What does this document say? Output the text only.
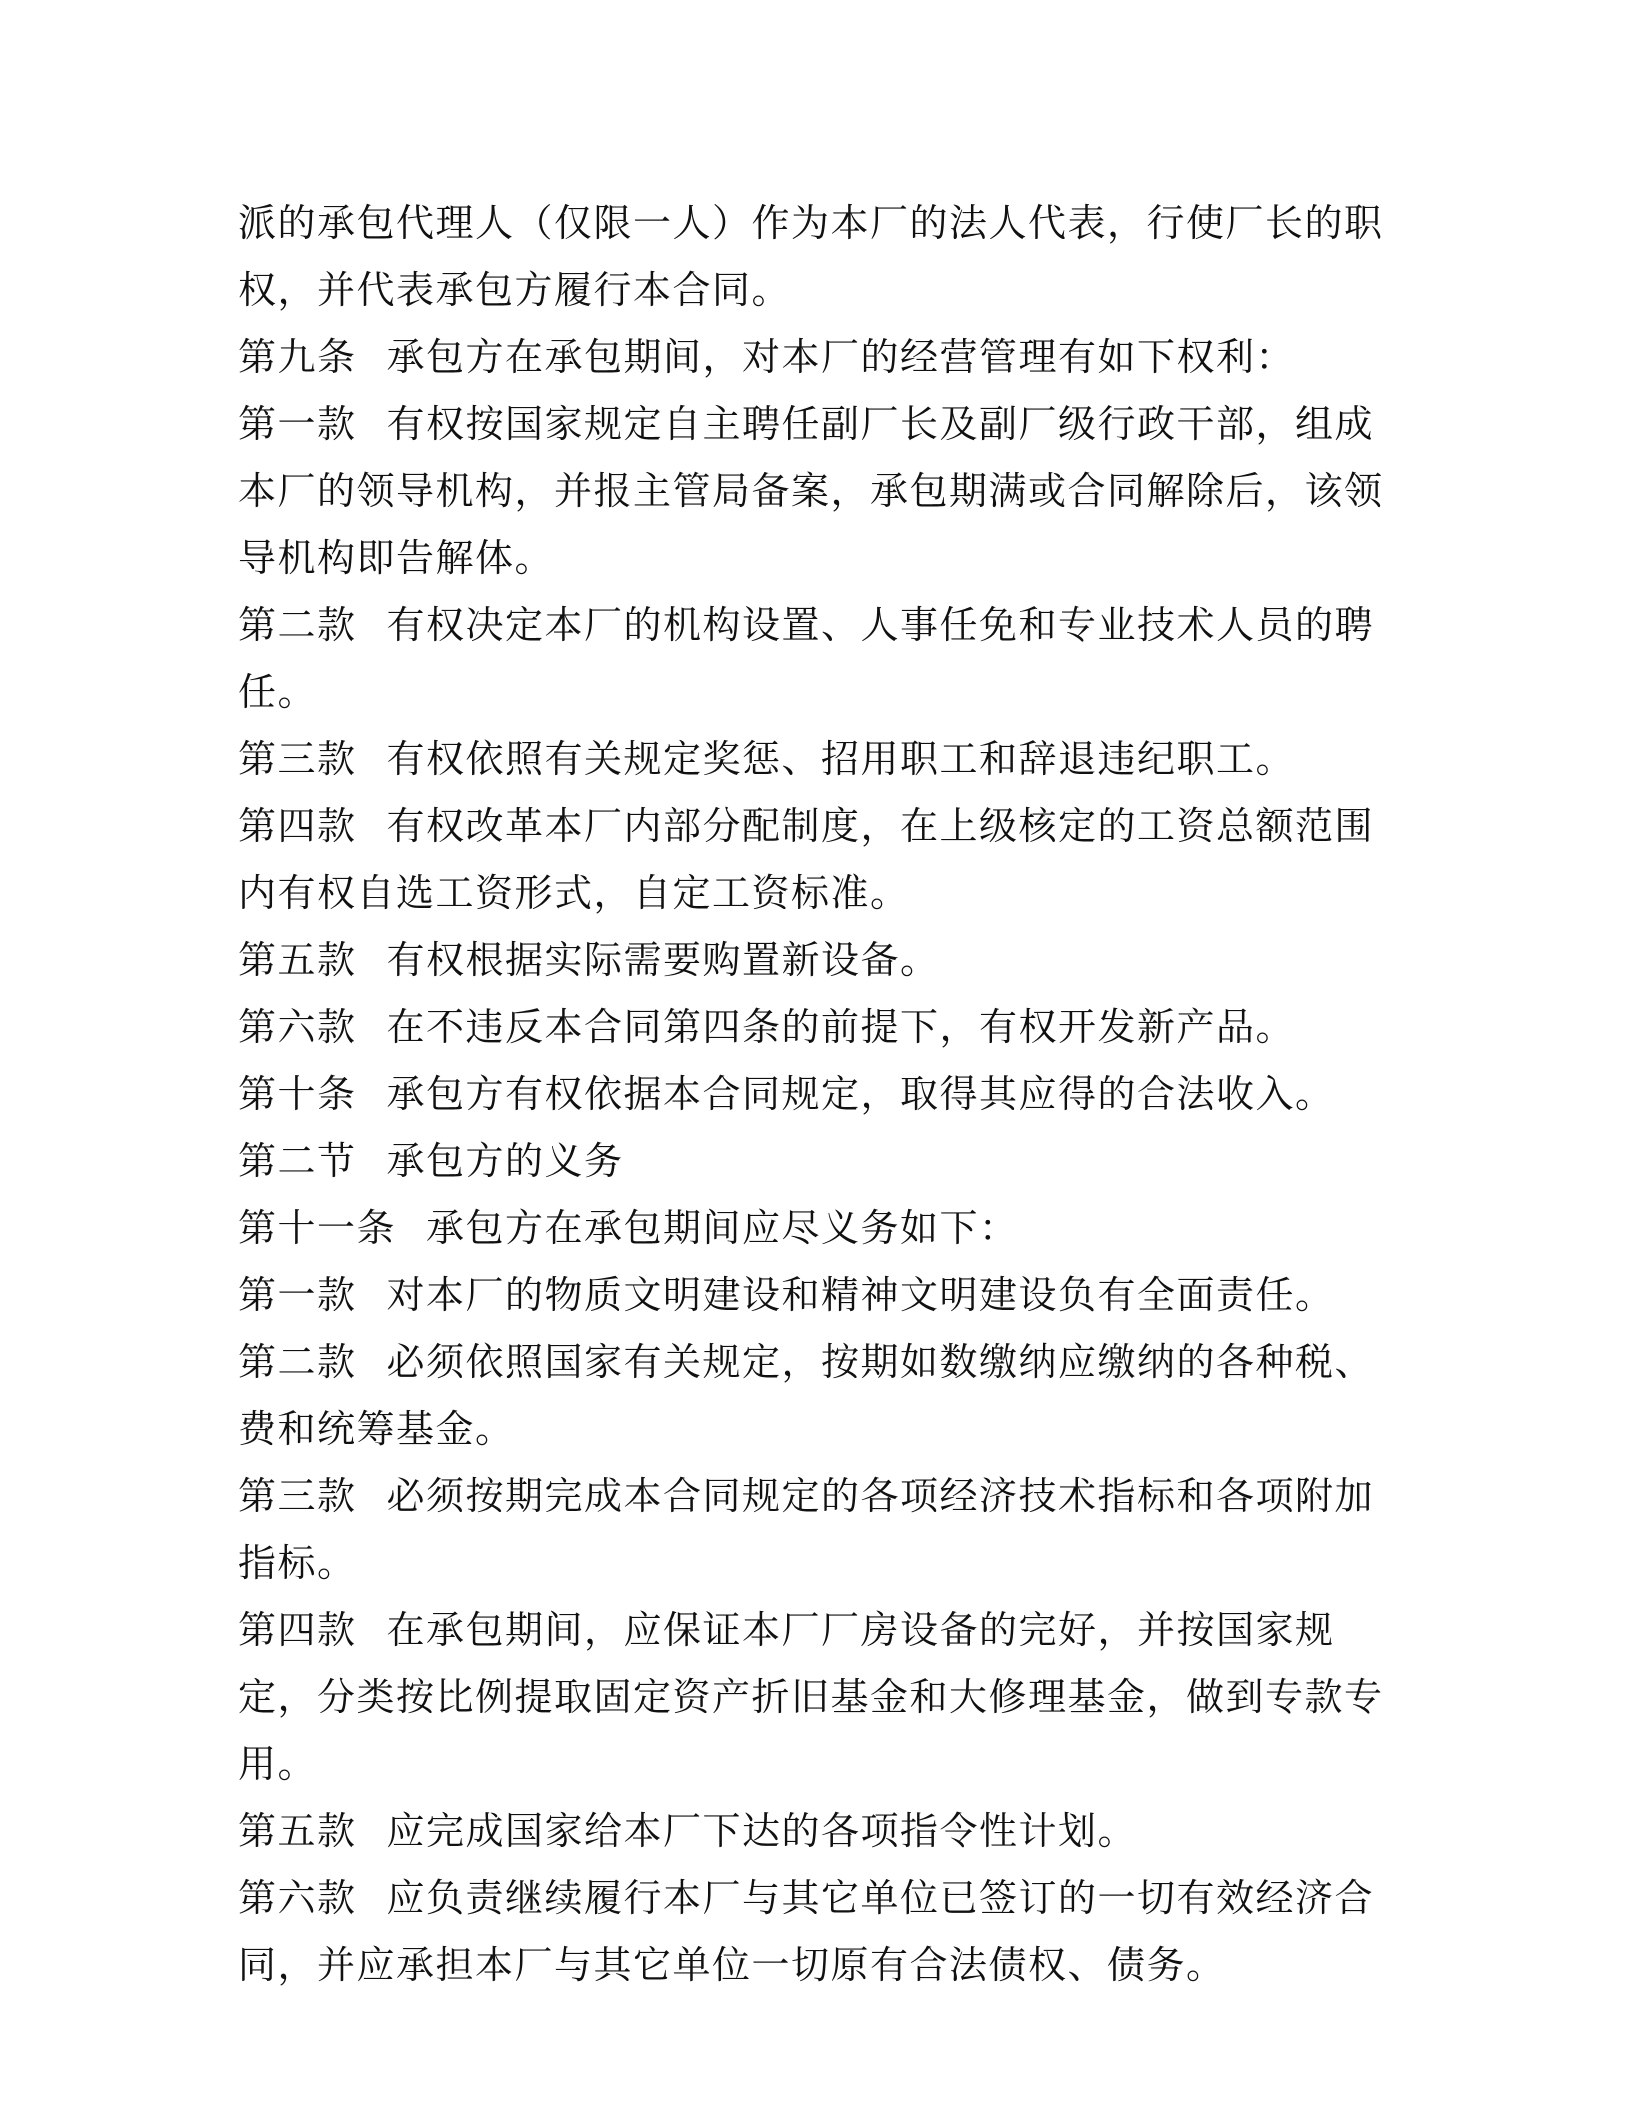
派的承包代理人（仅限一人）作为本厂的法人代表，行使厂长的职权，并代表承包方履行本合同。

第九条 承包方在承包期间，对本厂的经营管理有如下权利：

第一款 有权按国家规定自主聘任副厂长及副厂级行政干部，组成本厂的领导机构，并报主管局备案，承包期满或合同解除后，该领导机构即告解体。

第二款 有权决定本厂的机构设置、人事任免和专业技术人员的聘任。

第三款 有权依照有关规定奖惩、招用职工和辞退违纪职工。

第四款 有权改革本厂内部分配制度，在上级核定的工资总额范围内有权自选工资形式，自定工资标准。

第五款 有权根据实际需要购置新设备。

第六款 在不违反本合同第四条的前提下，有权开发新产品。

第十条 承包方有权依据本合同规定，取得其应得的合法收入。

第二节 承包方的义务

第十一条 承包方在承包期间应尽义务如下：

第一款 对本厂的物质文明建设和精神文明建设负有全面责任。

第二款 必须依照国家有关规定，按期如数缴纳应缴纳的各种税、费和统筹基金。

第三款 必须按期完成本合同规定的各项经济技术指标和各项附加指标。

第四款 在承包期间，应保证本厂厂房设备的完好，并按国家规定，分类按比例提取固定资产折旧基金和大修理基金，做到专款专用。

第五款 应完成国家给本厂下达的各项指令性计划。

第六款 应负责继续履行本厂与其它单位已签订的一切有效经济合同，并应承担本厂与其它单位一切原有合法债权、债务。
